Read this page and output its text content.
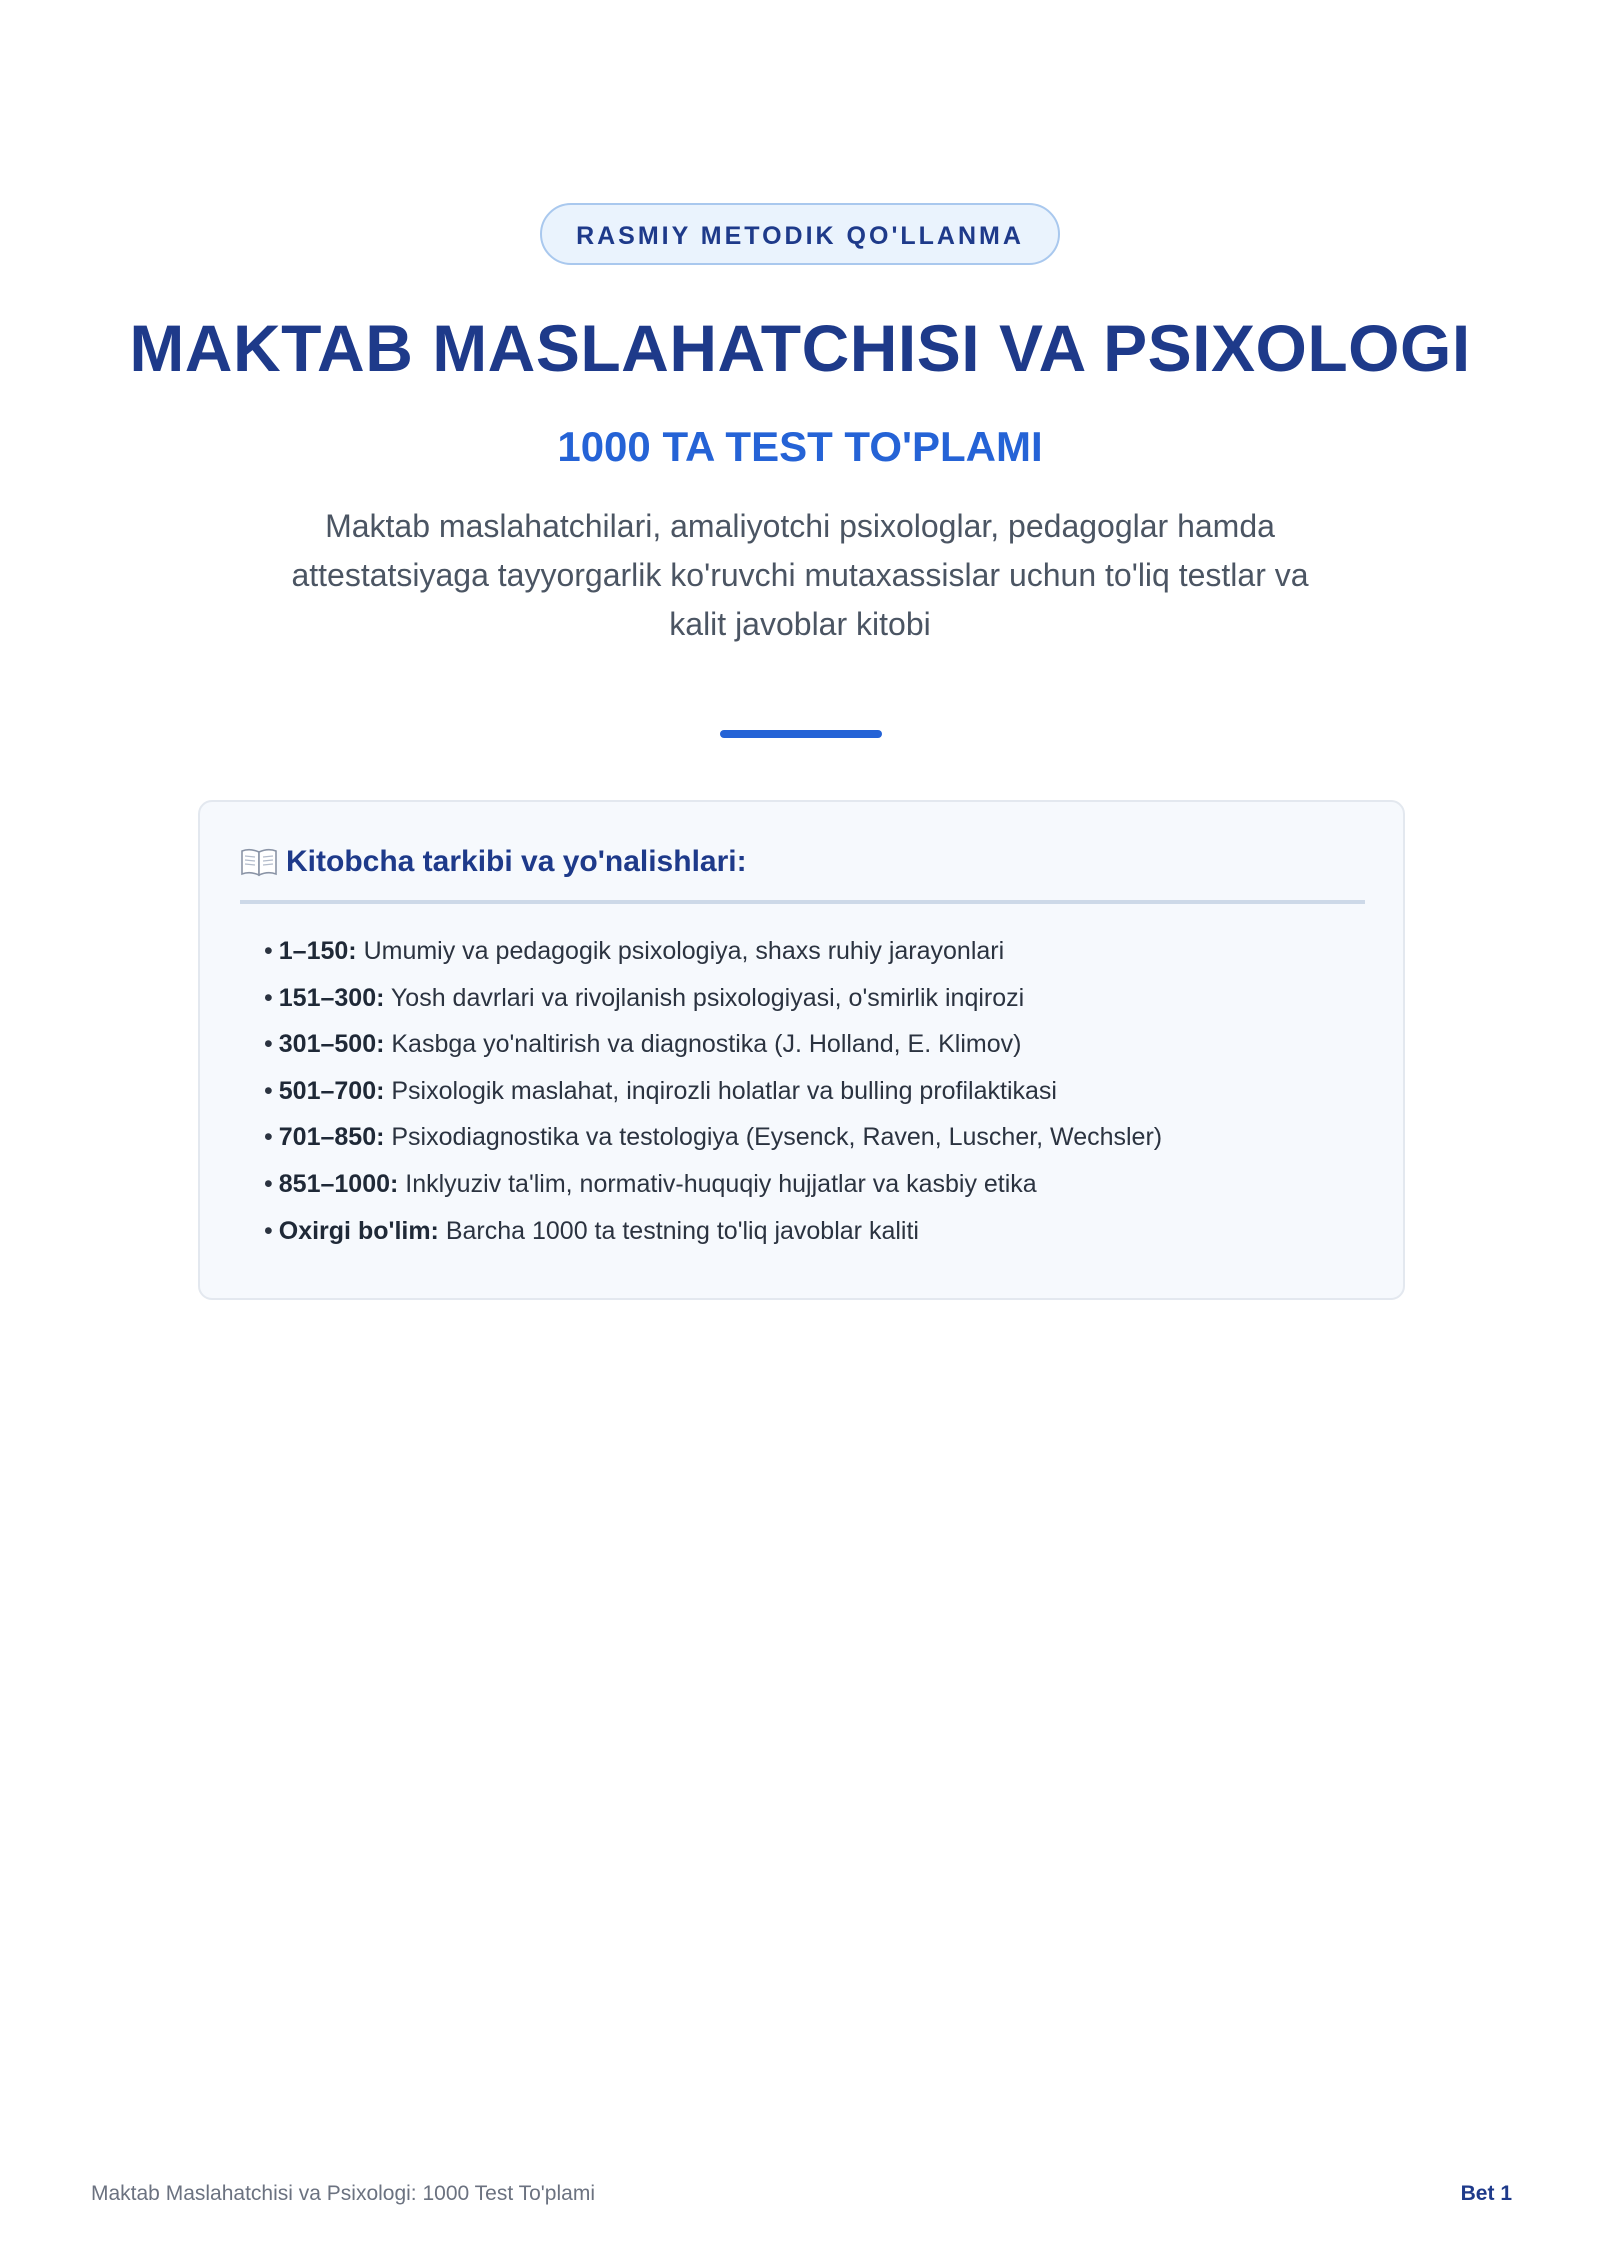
RASMIY METODIK QO'LLANMA
MAKTAB MASLAHATCHISI VA PSIXOLOGI
1000 TA TEST TO'PLAMI

Maktab maslahatchilari, amaliyotchi psixologlar, pedagoglar hamda attestatsiyaga tayyorgarlik ko'ruvchi mutaxassislar uchun to'liq testlar va kalit javoblar kitobi

Kitobcha tarkibi va yo'nalishlari:
• 1–150: Umumiy va pedagogik psixologiya, shaxs ruhiy jarayonlari
• 151–300: Yosh davrlari va rivojlanish psixologiyasi, o'smirlik inqirozi
• 301–500: Kasbga yo'naltirish va diagnostika (J. Holland, E. Klimov)
• 501–700: Psixologik maslahat, inqirozli holatlar va bulling profilaktikasi
• 701–850: Psixodiagnostika va testologiya (Eysenck, Raven, Luscher, Wechsler)
• 851–1000: Inklyuziv ta'lim, normativ-huquqiy hujjatlar va kasbiy etika
• Oxirgi bo'lim: Barcha 1000 ta testning to'liq javoblar kaliti
Maktab Maslahatchisi va Psixologi: 1000 Test To'plami	Bet 1
